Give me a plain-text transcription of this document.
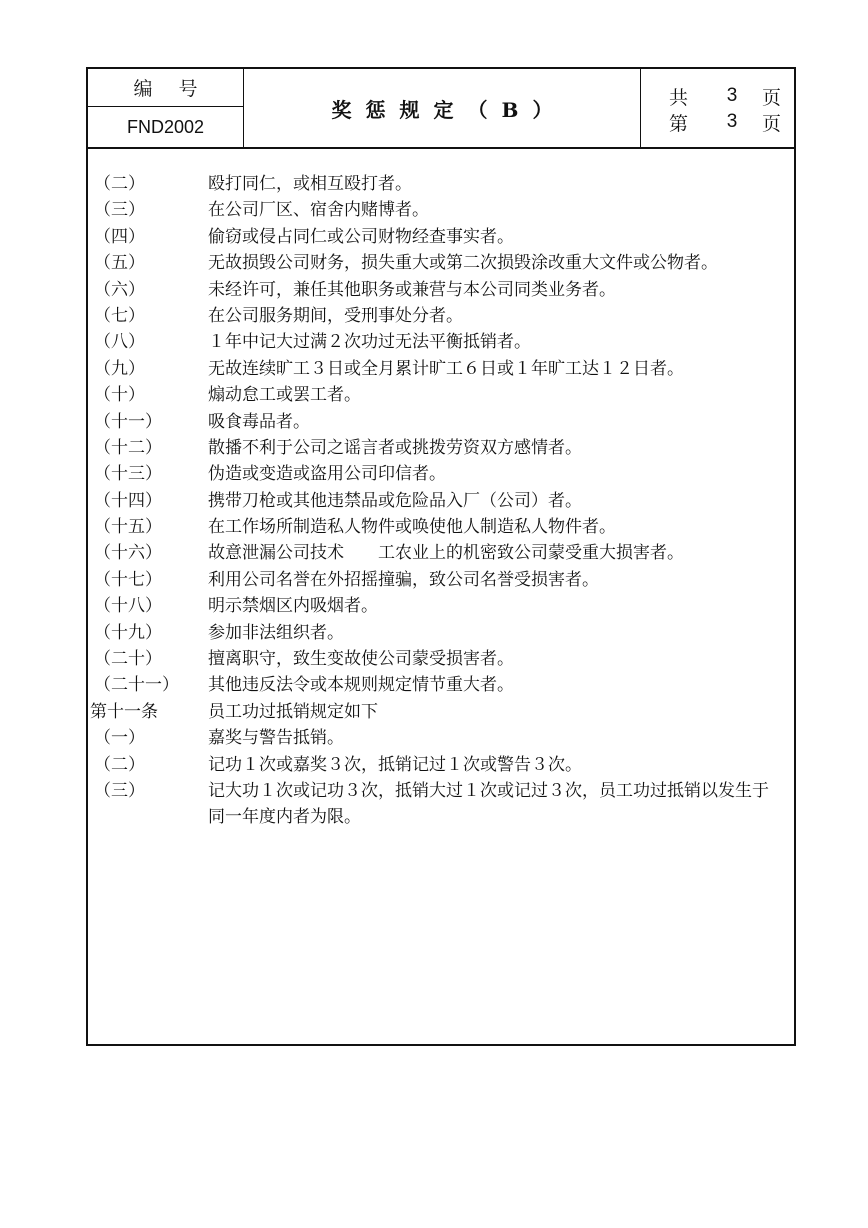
编号
FND2002
奖惩规定（B）	共	3	页
第	3	页
（二）	殴打同仁，或相互殴打者。
（三）	在公司厂区、宿舍内赌博者。
（四）	偷窃或侵占同仁或公司财物经查事实者。
（五）	无故损毁公司财务，损失重大或第二次损毁涂改重大文件或公物者。
（六）	未经许可，兼任其他职务或兼营与本公司同类业务者。
（七）	在公司服务期间，受刑事处分者。
（八）	１年中记大过满２次功过无法平衡抵销者。
（九）	无故连续旷工３日或全月累计旷工６日或１年旷工达１２日者。
（十）	煽动怠工或罢工者。
（十一）	吸食毒品者。
（十二）	散播不利于公司之谣言者或挑拨劳资双方感情者。
（十三）	伪造或变造或盗用公司印信者。
（十四）	携带刀枪或其他违禁品或危险品入厂（公司）者。
（十五）	在工作场所制造私人物件或唤使他人制造私人物件者。
（十六）	故意泄漏公司技术　　工农业上的机密致公司蒙受重大损害者。
（十七）	利用公司名誉在外招摇撞骗，致公司名誉受损害者。
（十八）	明示禁烟区内吸烟者。
（十九）	参加非法组织者。
（二十）	擅离职守，致生变故使公司蒙受损害者。
（二十一） 其他违反法令或本规则规定情节重大者。
第十一条	员工功过抵销规定如下
（一）	嘉奖与警告抵销。
（二）	记功１次或嘉奖３次，抵销记过１次或警告３次。
（三）	记大功１次或记功３次，抵销大过１次或记过３次，员工功过抵销以发生于同一年度内者为限。
